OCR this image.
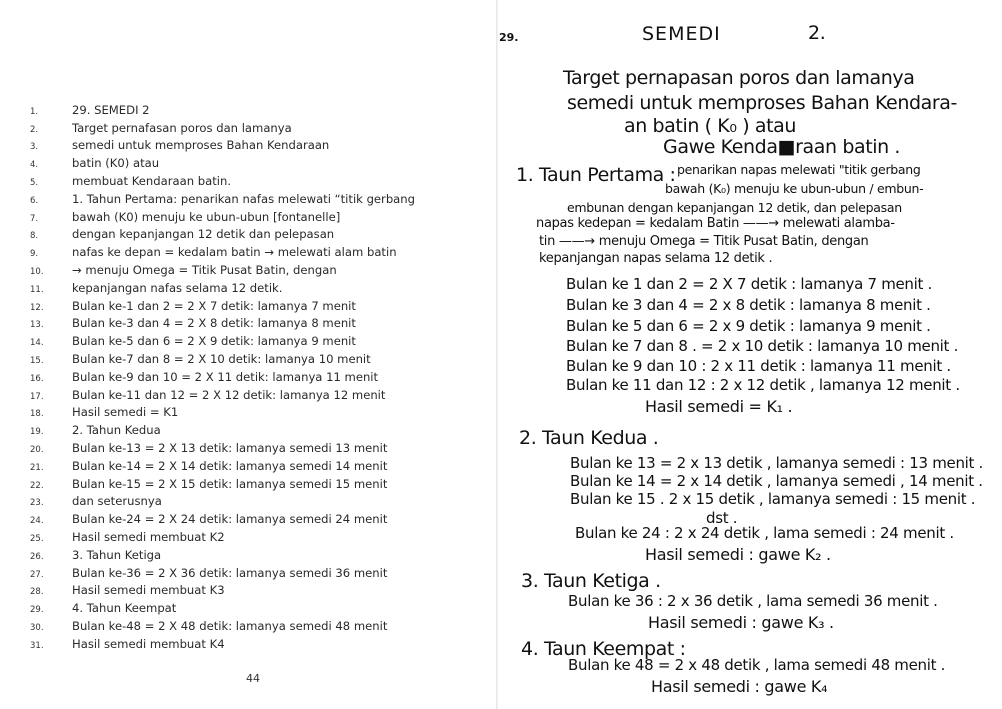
1.	29. SEMEDI 2
2.	Target pernafasan poros dan lamanya
3.	semedi untuk memproses Bahan Kendaraan
4.	batin (K0) atau
5.	membuat Kendaraan batin.
6.	1. Tahun Pertama: penarikan nafas melewati “titik gerbang
7.	bawah (K0) menuju ke ubun-ubun [fontanelle]
8.	dengan kepanjangan 12 detik dan pelepasan
9.	nafas ke depan = kedalam batin → melewati alam batin
10.	→ menuju Omega = Titik Pusat Batin, dengan
11.	kepanjangan nafas selama 12 detik.
12.	Bulan ke-1 dan 2 = 2 X 7 detik: lamanya 7 menit
13.	Bulan ke-3 dan 4 = 2 X 8 detik: lamanya 8 menit
14.	Bulan ke-5 dan 6 = 2 X 9 detik: lamanya 9 menit
15.	Bulan ke-7 dan 8 = 2 X 10 detik: lamanya 10 menit
16.	Bulan ke-9 dan 10 = 2 X 11 detik: lamanya 11 menit
17.	Bulan ke-11 dan 12 = 2 X 12 detik: lamanya 12 menit
18.	Hasil semedi = K1
19.	2. Tahun Kedua
20.	Bulan ke-13 = 2 X 13 detik: lamanya semedi 13 menit
21.	Bulan ke-14 = 2 X 14 detik: lamanya semedi 14 menit
22.	Bulan ke-15 = 2 X 15 detik: lamanya semedi 15 menit
23.	dan seterusnya
24.	Bulan ke-24 = 2 X 24 detik: lamanya semedi 24 menit
25.	Hasil semedi membuat K2
26.	3. Tahun Ketiga
27.	Bulan ke-36 = 2 X 36 detik: lamanya semedi 36 menit
28.	Hasil semedi membuat K3
29.	4. Tahun Keempat
30.	Bulan ke-48 = 2 X 48 detik: lamanya semedi 48 menit
31.	Hasil semedi membuat K4
44
29.	SEMEDI	2.
Target pernapasan poros dan lamanya
semedi untuk memproses Bahan Kendara-
an batin ( K₀ ) atau
Gawe Kenda■raan batin .
1. Taun Pertama : penarikan napas melewati "titik gerbang
bawah (K₀) menuju ke ubun-ubun / embun-
embunan dengan kepanjangan 12 detik, dan pelepasan
napas kedepan = kedalam Batin ——→ melewati alamba-
tin ——→ menuju Omega = Titik Pusat Batin, dengan
kepanjangan napas selama 12 detik .
Bulan ke 1 dan 2 = 2 X 7 detik : lamanya 7 menit .
Bulan ke 3 dan 4 = 2 x 8 detik : lamanya 8 menit .
Bulan ke 5 dan 6 = 2 x 9 detik : lamanya 9 menit .
Bulan ke 7 dan 8 . = 2 x 10 detik : lamanya 10 menit .
Bulan ke 9 dan 10 : 2 x 11 detik : lamanya 11 menit .
Bulan ke 11 dan 12 : 2 x 12 detik , lamanya 12 menit .
Hasil semedi = K₁ .
2. Taun Kedua .
Bulan ke 13 = 2 x 13 detik , lamanya semedi : 13 menit .
Bulan ke 14 = 2 x 14 detik , lamanya semedi , 14 menit .
Bulan ke 15 . 2 x 15 detik , lamanya semedi : 15 menit .
dst .
Bulan ke 24 : 2 x 24 detik , lama semedi : 24 menit .
Hasil semedi : gawe K₂ .
3. Taun Ketiga .
Bulan ke 36 : 2 x 36 detik , lama semedi 36 menit .
Hasil semedi : gawe K₃ .
4. Taun Keempat :
Bulan ke 48 = 2 x 48 detik , lama semedi 48 menit .
Hasil semedi : gawe K₄
